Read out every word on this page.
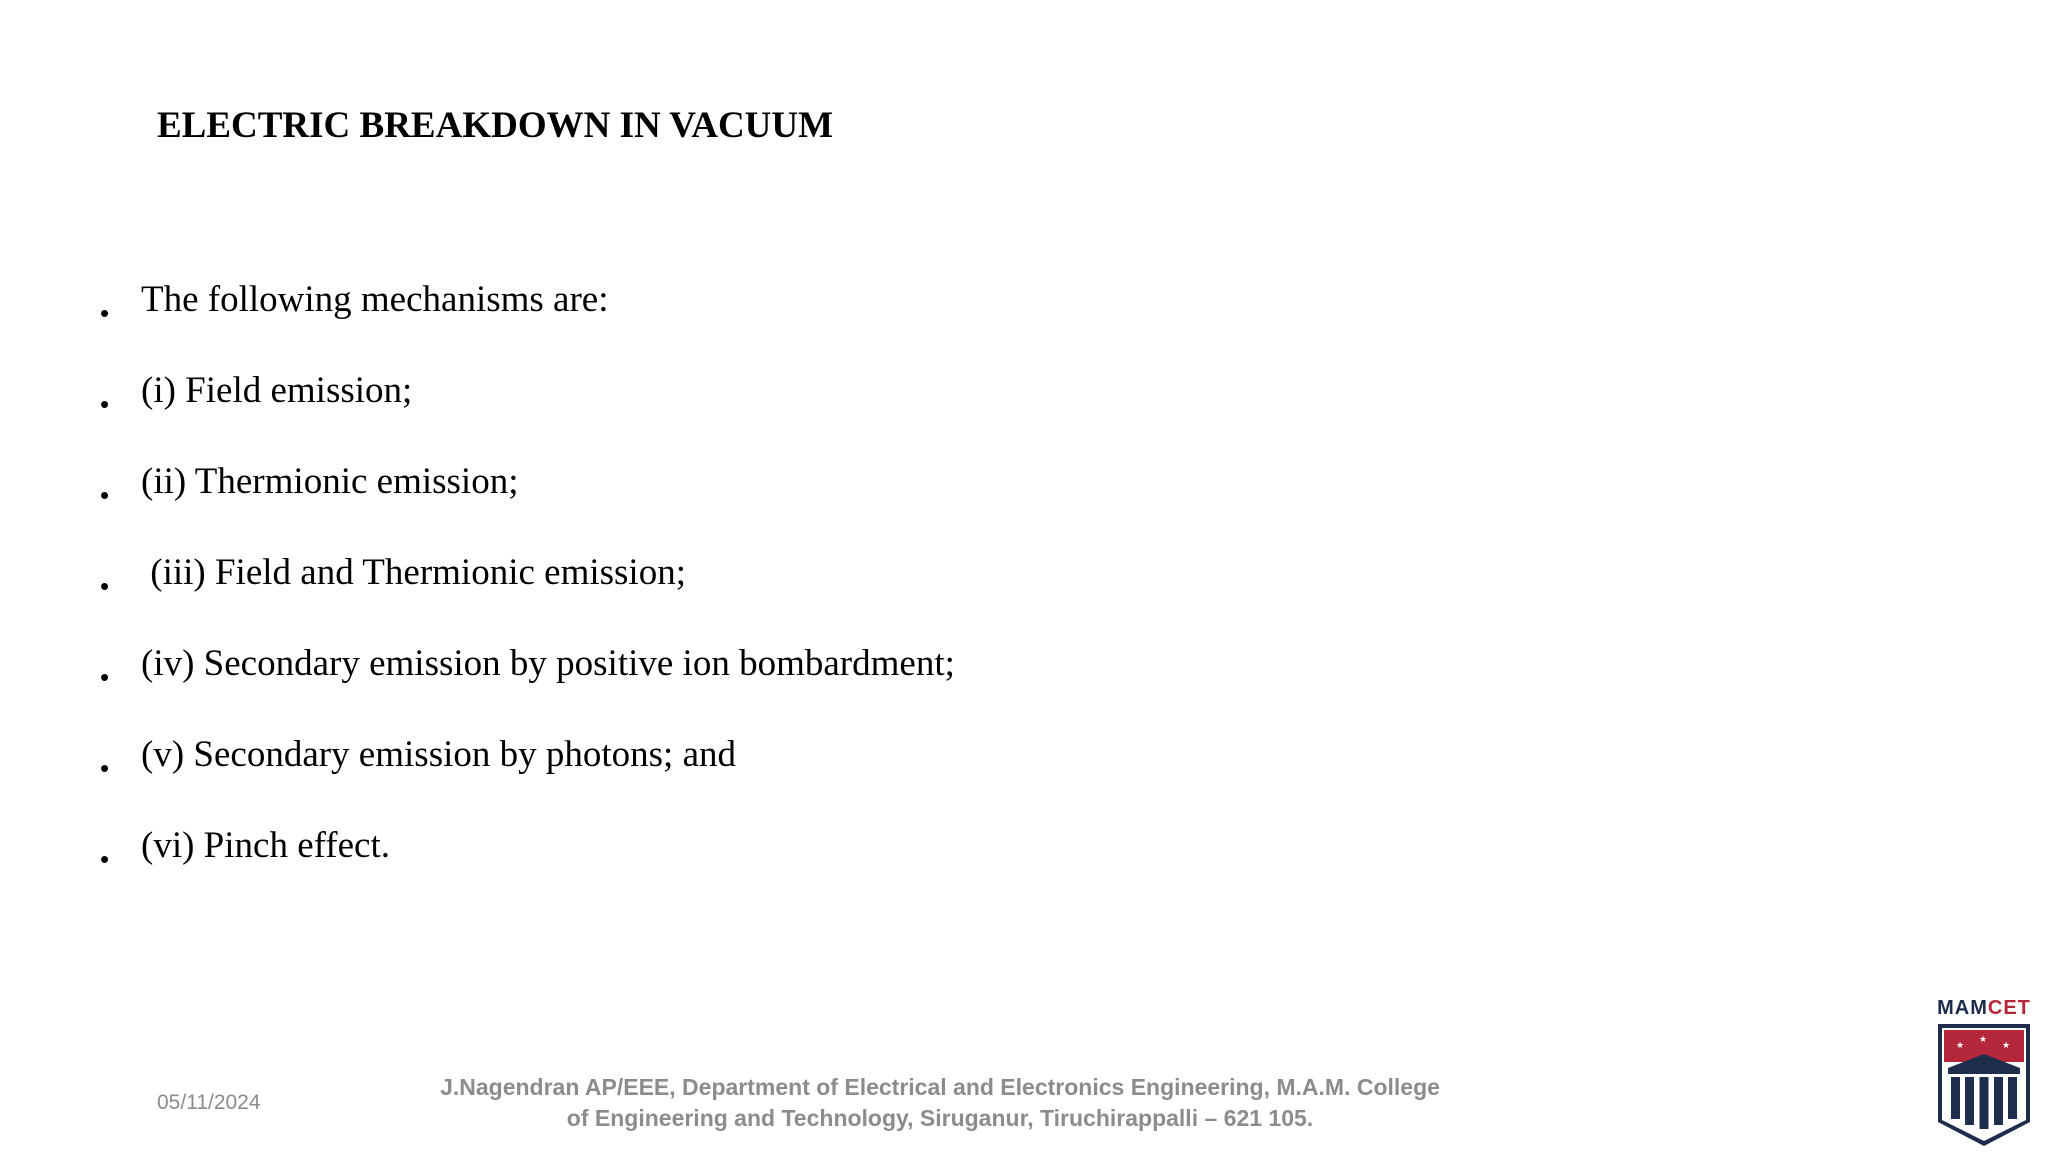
ELECTRIC BREAKDOWN IN VACUUM
• The following mechanisms are:
• (i) Field emission;
• (ii) Thermionic emission;
• (iii) Field and Thermionic emission;
• (iv) Secondary emission by positive ion bombardment;
• (v) Secondary emission by photons; and
• (vi) Pinch effect.
05/11/2024
J.Nagendran AP/EEE, Department of Electrical and Electronics Engineering, M.A.M. College
of Engineering and Technology, Siruganur, Tiruchirappalli – 621 105.
MAMCET
★
★
★
